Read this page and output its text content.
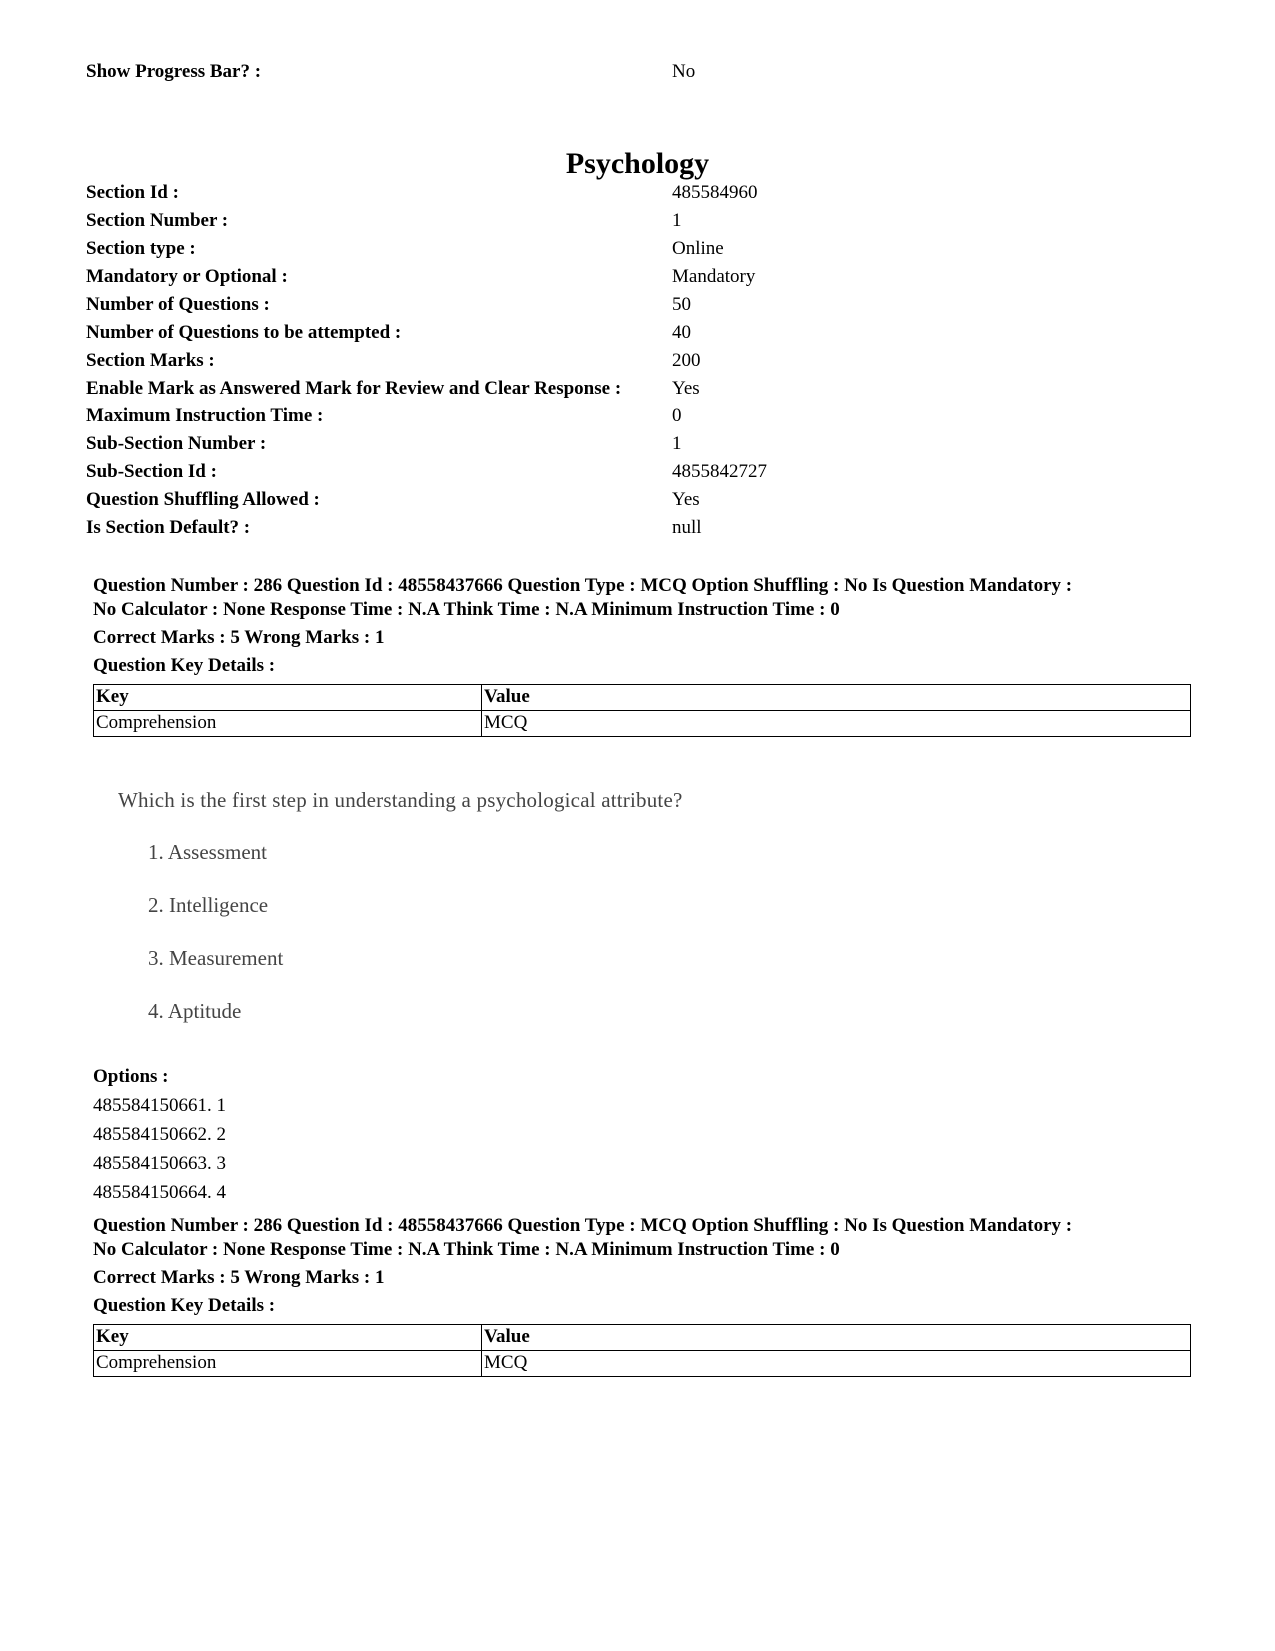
Show Progress Bar? :	No
Psychology
Section Id :	485584960
Section Number :	1
Section type :	Online
Mandatory or Optional :	Mandatory
Number of Questions :	50
Number of Questions to be attempted :	40
Section Marks :	200
Enable Mark as Answered Mark for Review and Clear Response :	Yes
Maximum Instruction Time :	0
Sub-Section Number :	1
Sub-Section Id :	4855842727
Question Shuffling Allowed :	Yes
Is Section Default? :	null

Question Number : 286 Question Id : 48558437666 Question Type : MCQ Option Shuffling : No Is Question Mandatory :

No Calculator : None Response Time : N.A Think Time : N.A Minimum Instruction Time : 0

Correct Marks : 5 Wrong Marks : 1

Question Key Details :

Key	Value
Comprehension	MCQ

Which is the first step in understanding a psychological attribute?

1. Assessment
2. Intelligence
3. Measurement
4. Aptitude
Options :
485584150661. 1
485584150662. 2
485584150663. 3
485584150664. 4

Question Number : 286 Question Id : 48558437666 Question Type : MCQ Option Shuffling : No Is Question Mandatory :

No Calculator : None Response Time : N.A Think Time : N.A Minimum Instruction Time : 0

Correct Marks : 5 Wrong Marks : 1

Question Key Details :

Key	Value
Comprehension	MCQ
